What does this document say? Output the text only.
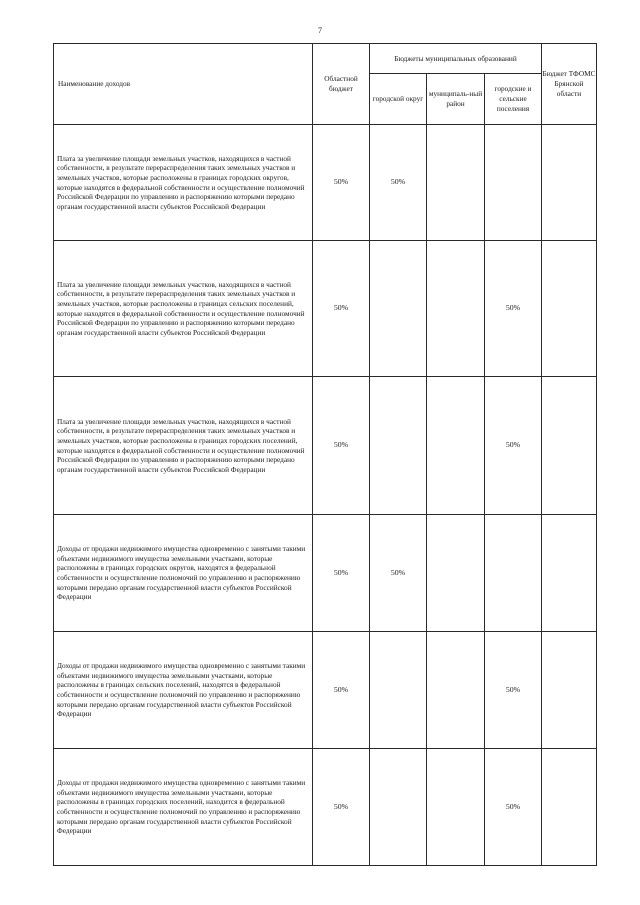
7
Наименование доходов	Областной бюджет	Бюджеты муниципальных образований			Бюджет ТФОМС Брянской области
		городской округ	муниципаль-ный район	городские и сельские поселения	
Плата за увеличение площади земельных участков, находящихся в частной собственности, в результате перераспределения таких земельных участков и земельных участков, которые расположены в границах городских округов, которые находятся в федеральной собственности и осуществление полномочий Российской Федерации по управлению и распоряжению которыми передано органам государственной власти субъектов Российской Федерации	50%	50%			
Плата за увеличение площади земельных участков, находящихся в частной собственности, в результате перераспределения таких земельных участков и земельных участков, которые расположены в границах сельских поселений, которые находятся в федеральной собственности и осуществление полномочий Российской Федерации по управлению и распоряжению которыми передано органам государственной власти субъектов Российской Федерации	50%			50%	
Плата за увеличение площади земельных участков, находящихся в частной собственности, в результате перераспределения таких земельных участков и земельных участков, которые расположены в границах городских поселений, которые находятся в федеральной собственности и осуществление полномочий Российской Федерации по управлению и распоряжению которыми передано органам государственной власти субъектов Российской Федерации	50%			50%	
Доходы от продажи недвижимого имущества одновременно с занятыми такими объектами недвижимого имущества земельными участками, которые расположены в границах городских округов, находятся в федеральной собственности и осуществление полномочий по управлению и распоряжению которыми передано органам государственной власти субъектов Российской Федерации	50%	50%			
Доходы от продажи недвижимого имущества одновременно с занятыми такими объектами недвижимого имущества земельными участками, которые расположены в границах сельских поселений, находятся в федеральной собственности и осуществление полномочий по управлению и распоряжению которыми передано органам государственной власти субъектов Российской Федерации	50%			50%	
Доходы от продажи недвижимого имущества одновременно с занятыми такими объектами недвижимого имущества земельными участками, которые расположены в границах городских поселений, находится в федеральной собственности и осуществление полномочий по управлению и распоряжению которыми передано органам государственной власти субъектов Российской Федерации	50%			50%	
